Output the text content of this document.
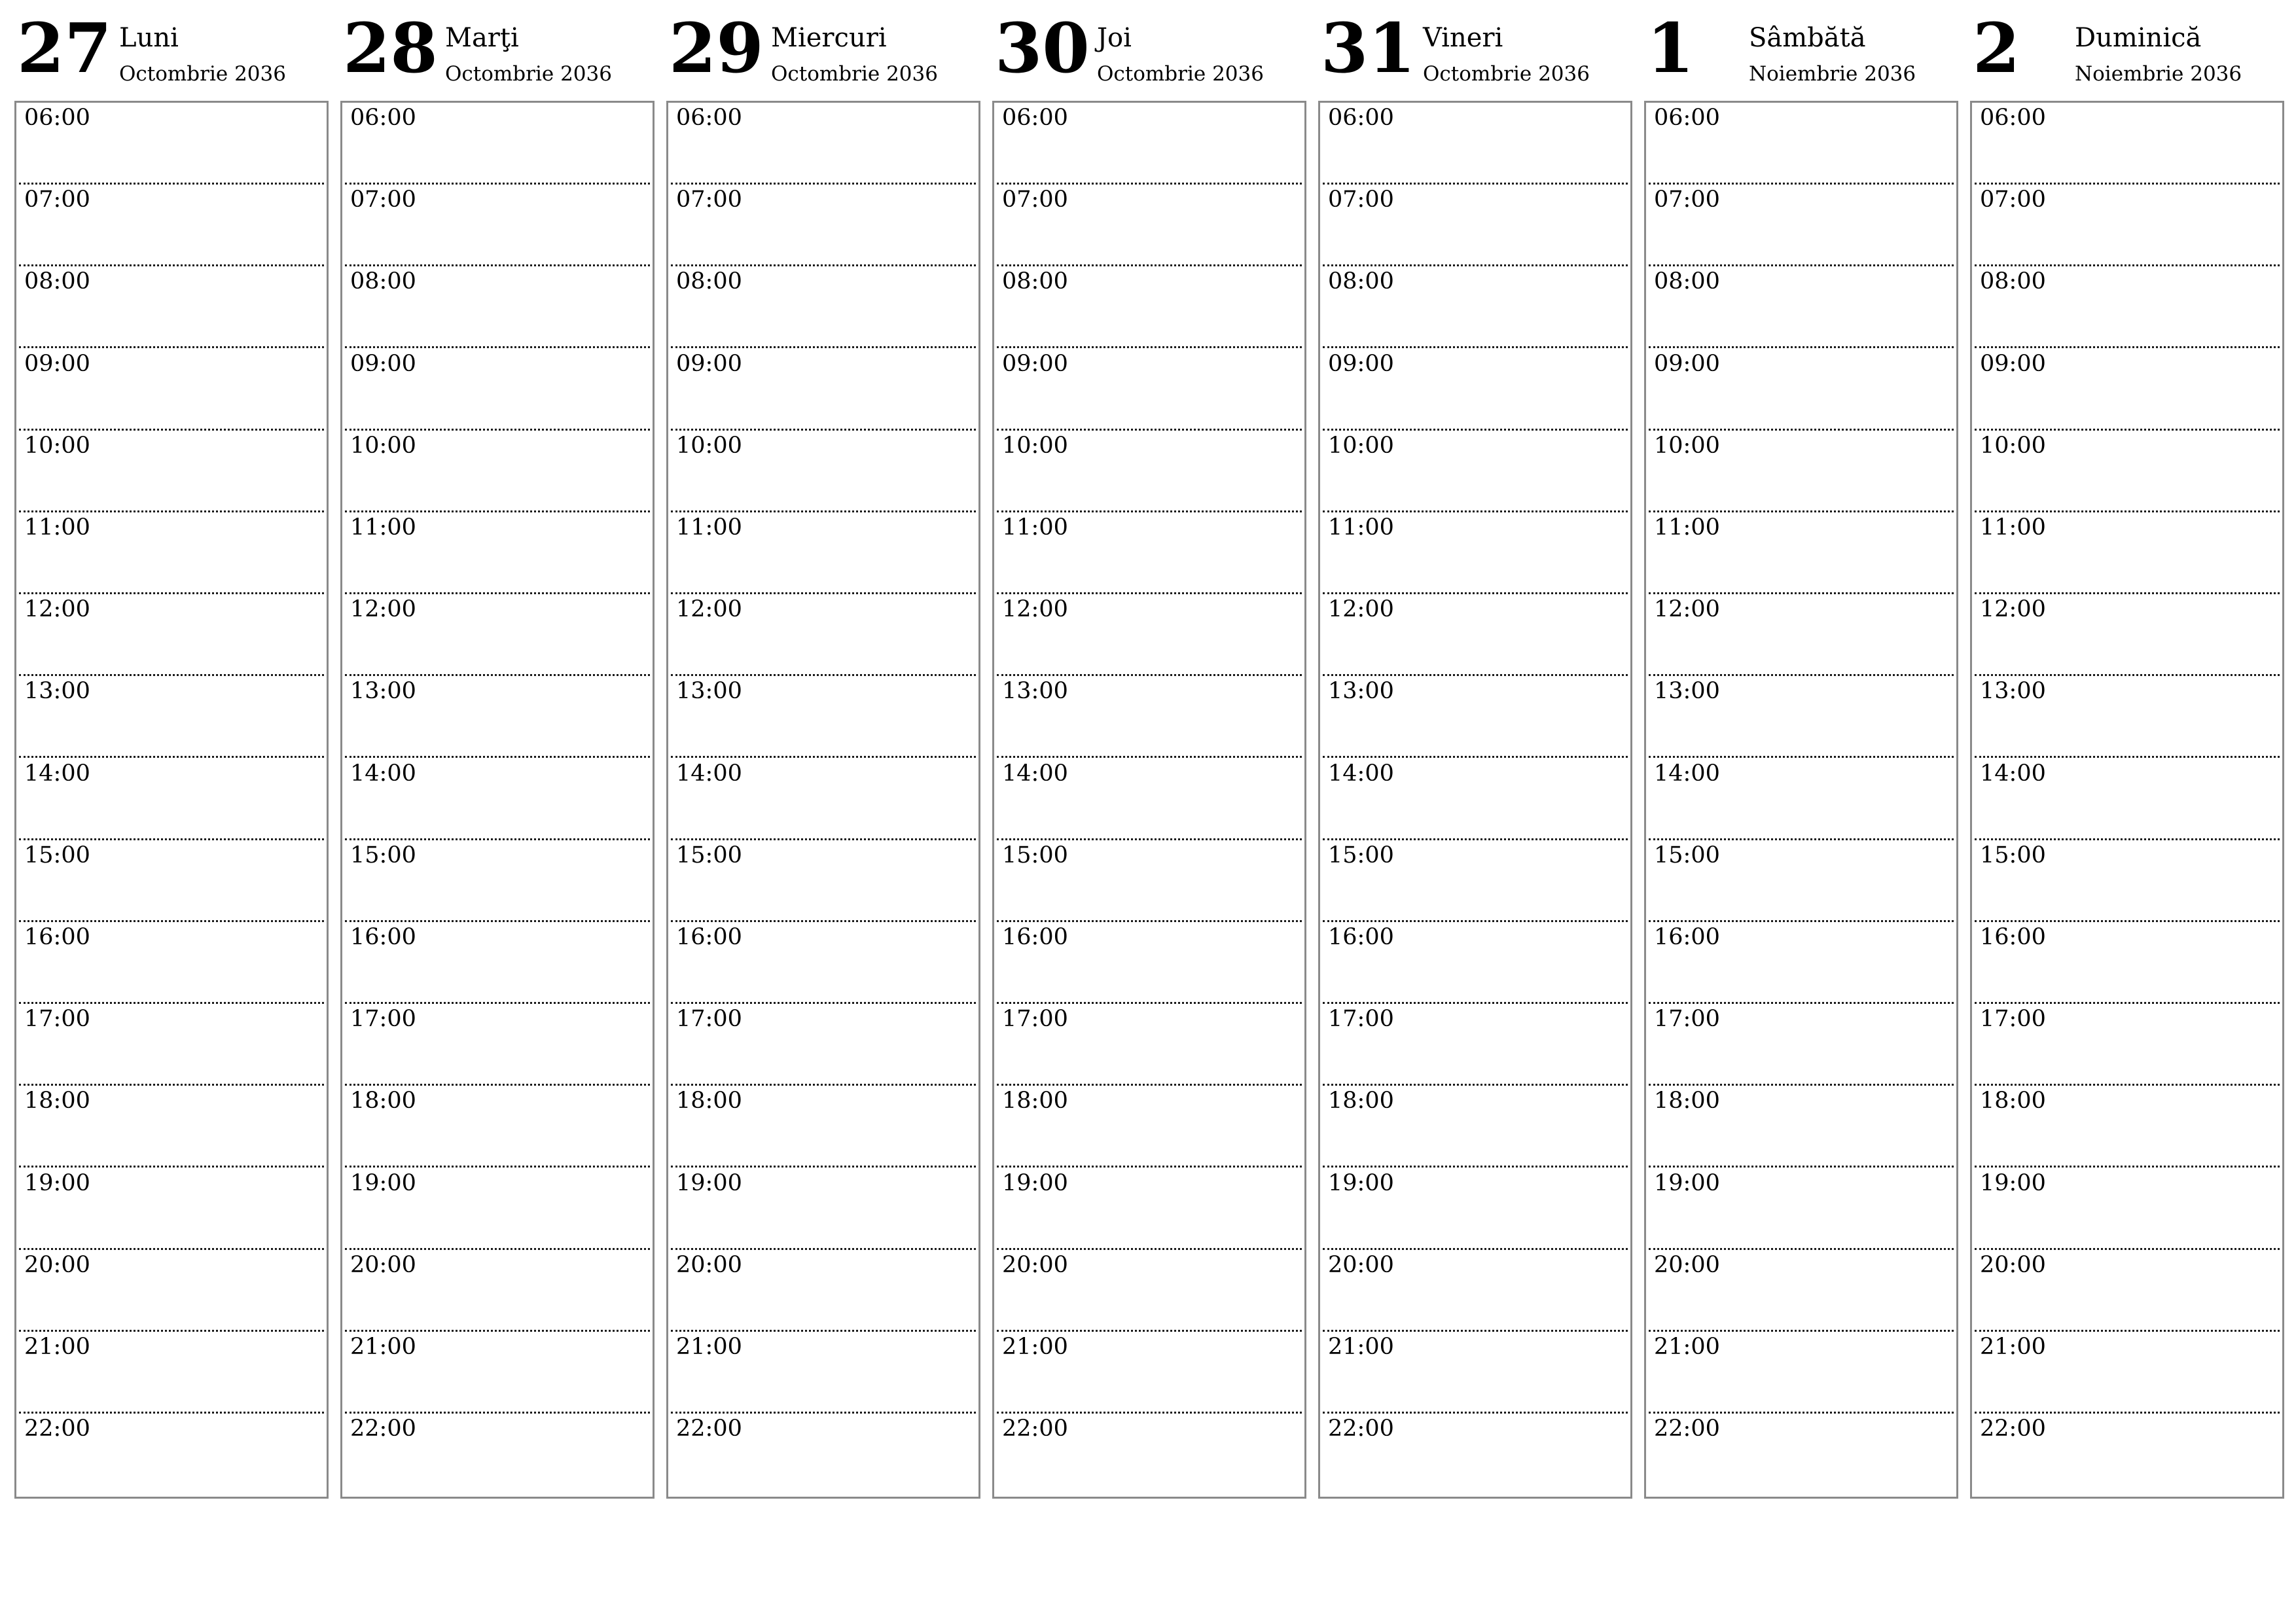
27 Luni
Octombrie 2036
06:00
07:00
08:00
09:00
10:00
11:00
12:00
13:00
14:00
15:00
16:00
17:00
18:00
19:00
20:00
21:00
22:00
28 Marţi
Octombrie 2036
06:00
07:00
08:00
09:00
10:00
11:00
12:00
13:00
14:00
15:00
16:00
17:00
18:00
19:00
20:00
21:00
22:00
29 Miercuri
Octombrie 2036
06:00
07:00
08:00
09:00
10:00
11:00
12:00
13:00
14:00
15:00
16:00
17:00
18:00
19:00
20:00
21:00
22:00
30 Joi
Octombrie 2036
06:00
07:00
08:00
09:00
10:00
11:00
12:00
13:00
14:00
15:00
16:00
17:00
18:00
19:00
20:00
21:00
22:00
31 Vineri
Octombrie 2036
06:00
07:00
08:00
09:00
10:00
11:00
12:00
13:00
14:00
15:00
16:00
17:00
18:00
19:00
20:00
21:00
22:00
1 Sâmbătă
Noiembrie 2036
06:00
07:00
08:00
09:00
10:00
11:00
12:00
13:00
14:00
15:00
16:00
17:00
18:00
19:00
20:00
21:00
22:00
2 Duminică
Noiembrie 2036
06:00
07:00
08:00
09:00
10:00
11:00
12:00
13:00
14:00
15:00
16:00
17:00
18:00
19:00
20:00
21:00
22:00
